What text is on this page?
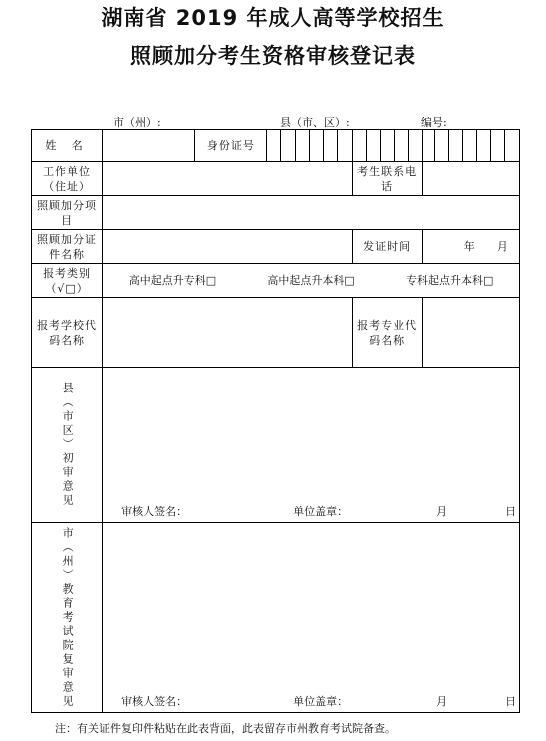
湖南省 2019 年成人高等学校招生
照顾加分考生资格审核登记表
市（州）:	县（市、区）:	编号:
姓 名		身份证号																		
工作单位（住址）									考生联系电话											
照顾加分项目																				
照顾加分证件名称									发证时间					年 月						

报考类别（√□）	高中起点升专科□ 高中起点升本科□ 专科起点升本科□																			

报考学校代码名称									报考专业代码名称											

县（市区）初审意见	审核人签名： 单位盖章： 月 日																			

市（州）教育考试院复审意见	审核人签名： 单位盖章： 月 日																			
注：有关证件复印件粘贴在此表背面，此表留存市州教育考试院备查。
